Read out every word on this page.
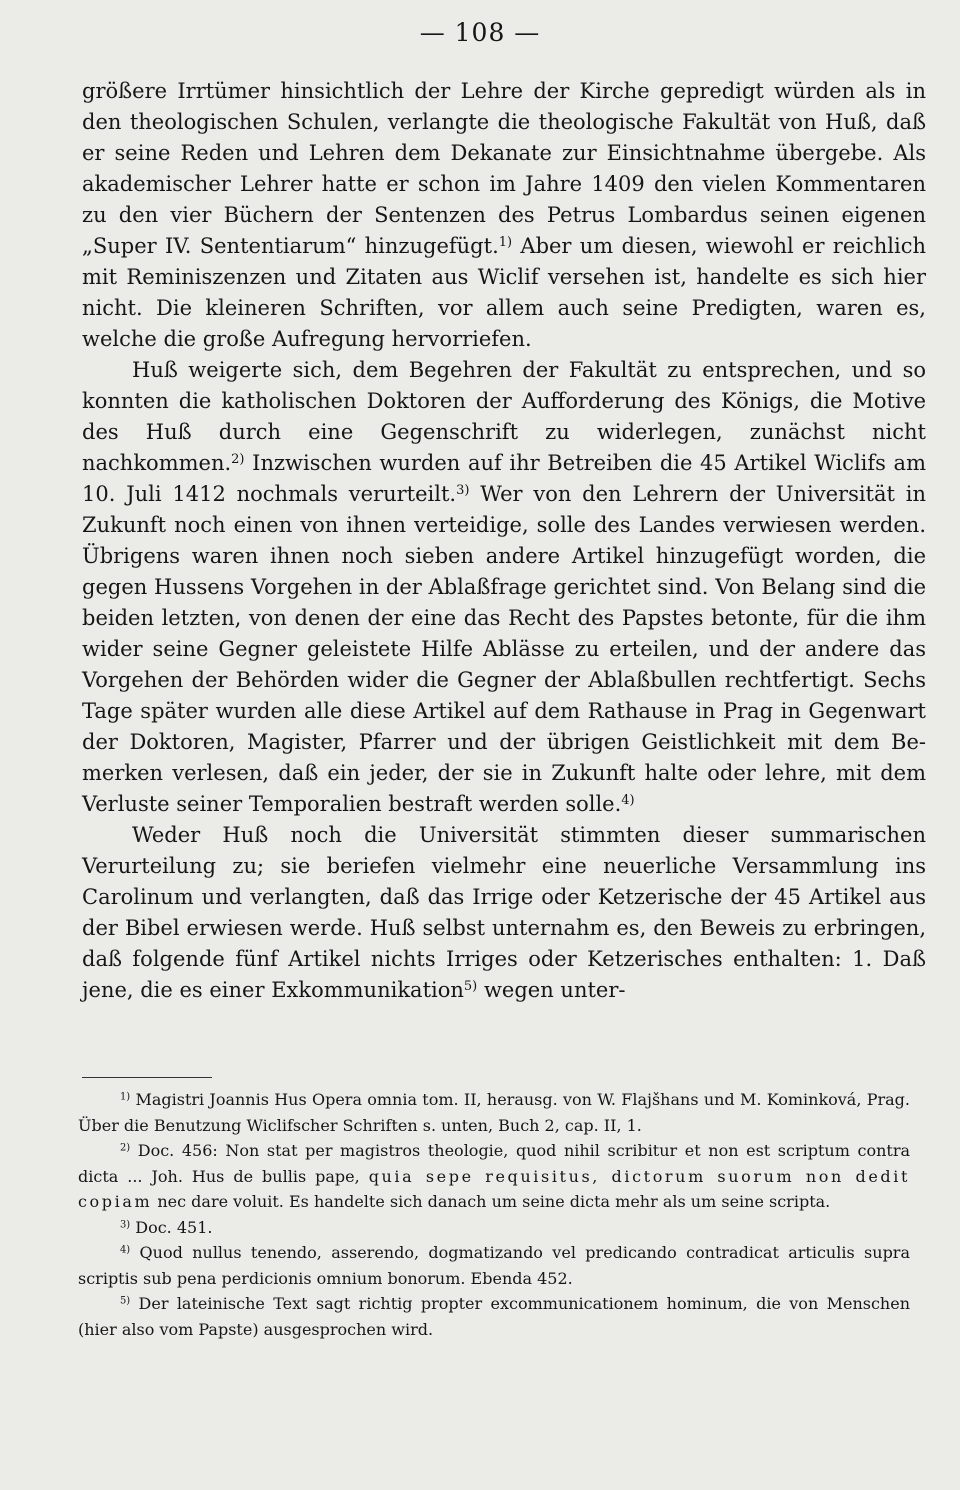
— 108 —

größere Irrtümer hinsichtlich der Lehre der Kirche gepredigt würden als in den theologischen Schulen, verlangte die theologische Fakultät von Huß, daß er seine Reden und Lehren dem Dekanate zur Einsichtnahme übergebe. Als akademischer Lehrer hatte er schon im Jahre 1409 den vielen Kommentaren zu den vier Büchern der Sentenzen des Petrus Lombardus seinen eigenen „Super IV. Sententiarum“ hinzugefügt.$^{1)}$ Aber um diesen, wiewohl er reichlich mit Reminiszenzen und Zitaten aus Wiclif versehen ist, handelte es sich hier nicht. Die kleineren Schriften, vor allem auch seine Predigten, waren es, welche die große Aufregung hervorriefen.

Huß weigerte sich, dem Begehren der Fakultät zu entsprechen, und so konnten die katholischen Doktoren der Aufforderung des Königs, die Motive des Huß durch eine Gegenschrift zu widerlegen, zunächst nicht nachkommen.$^{2)}$ Inzwischen wurden auf ihr Betreiben die 45 Artikel Wiclifs am 10. Juli 1412 nochmals verurteilt.$^{3)}$ Wer von den Lehrern der Universität in Zukunft noch einen von ihnen verteidige, solle des Landes verwiesen werden. Übrigens waren ihnen noch sieben andere Artikel hinzugefügt worden, die gegen Hussens Vorgehen in der Ablaßfrage gerichtet sind. Von Belang sind die beiden letzten, von denen der eine das Recht des Papstes betonte, für die ihm wider seine Gegner geleistete Hilfe Ablässe zu erteilen, und der andere das Vorgehen der Behörden wider die Gegner der Ablaßbullen rechtfertigt. Sechs Tage später wurden alle diese Artikel auf dem Rathause in Prag in Gegenwart der Doktoren, Magister, Pfarrer und der übrigen Geistlichkeit mit dem Bemerken verlesen, daß ein jeder, der sie in Zukunft halte oder lehre, mit dem Verluste seiner Temporalien bestraft werden solle.$^{4)}$

Weder Huß noch die Universität stimmten dieser summarischen Verurteilung zu; sie beriefen vielmehr eine neuerliche Versammlung ins Carolinum und verlangten, daß das Irrige oder Ketzerische der 45 Artikel aus der Bibel erwiesen werde. Huß selbst unternahm es, den Beweis zu erbringen, daß folgende fünf Artikel nichts Irriges oder Ketzerisches enthalten: 1. Daß jene, die es einer Exkommunikation$^{5)}$ wegen unter-

$^{1)}$ Magistri Joannis Hus Opera omnia tom. II, herausg. von W. Flajšhans und M. Kominková, Prag. Über die Benutzung Wiclifscher Schriften s. unten, Buch 2, cap. II, 1.

$^{2)}$ Doc. 456: Non stat per magistros theologie, quod nihil scribitur et non est scriptum contra dicta ... Joh. Hus de bullis pape, quia sepe requisitus, dictorum suorum non dedit copiam nec dare voluit. Es handelte sich danach um seine dicta mehr als um seine scripta.

$^{3)}$ Doc. 451.

$^{4)}$ Quod nullus tenendo, asserendo, dogmatizando vel predicando contradicat articulis supra scriptis sub pena perdicionis omnium bonorum. Ebenda 452.

$^{5)}$ Der lateinische Text sagt richtig propter excommunicationem hominum, die von Menschen (hier also vom Papste) ausgesprochen wird.
